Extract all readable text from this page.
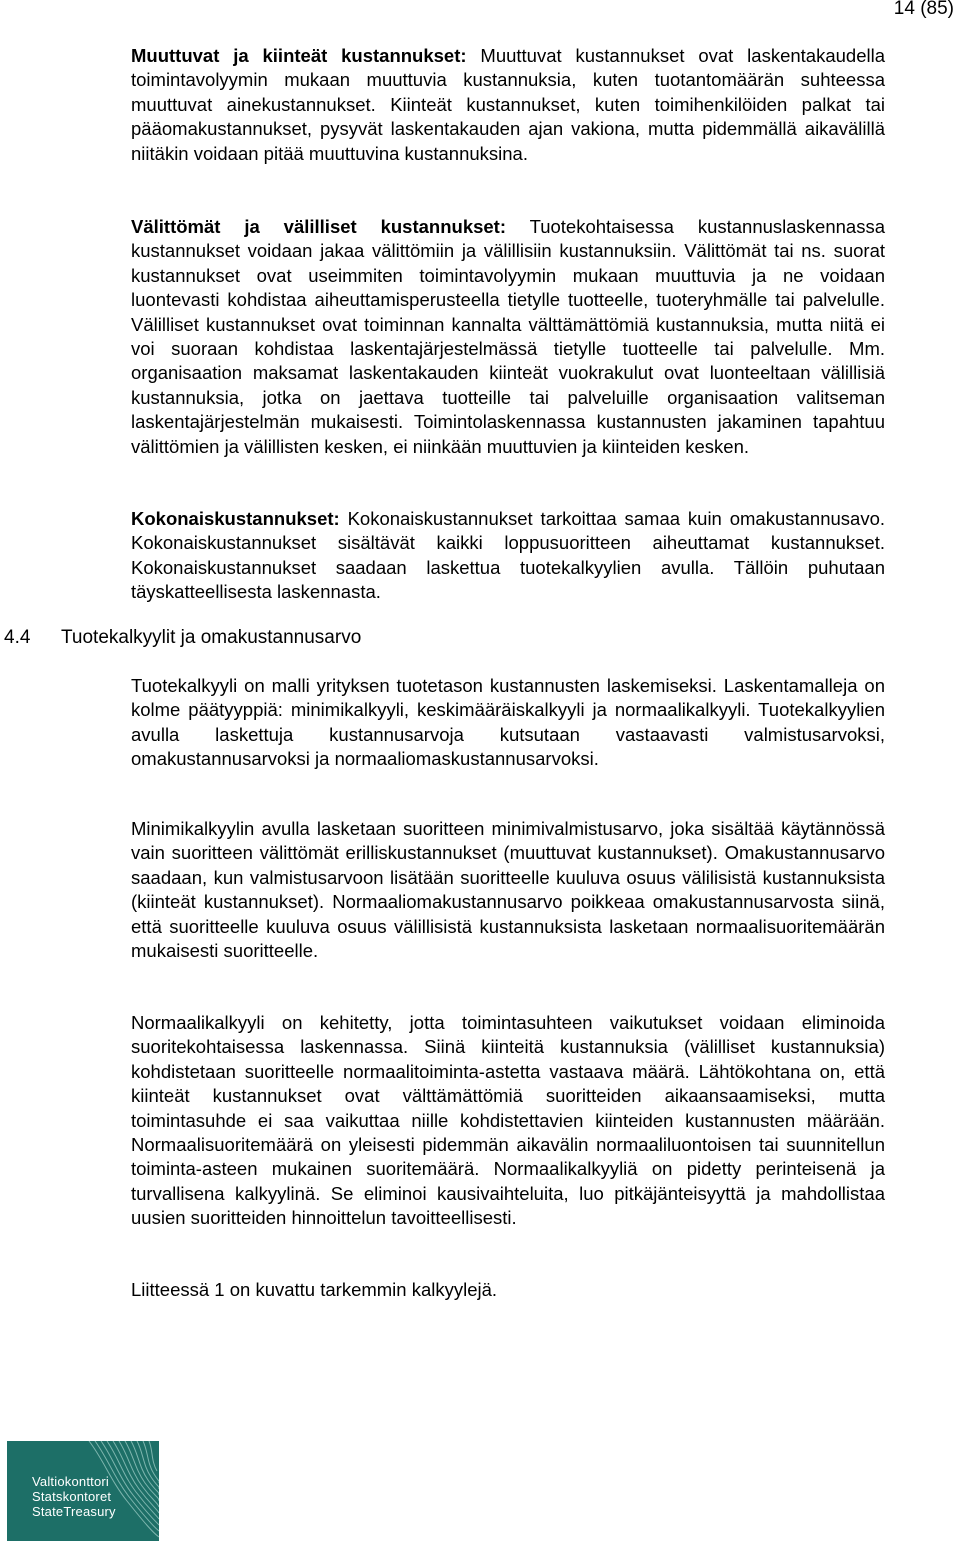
14 (85)

Muuttuvat ja kiinteät kustannukset: Muuttuvat kustannukset ovat laskentakaudella toimintavolyymin mukaan muuttuvia kustannuksia, kuten tuotantomäärän suhteessa muuttuvat ainekustannukset. Kiinteät kustannukset, kuten toimihenkilöiden palkat tai pääomakustannukset, pysyvät laskentakauden ajan vakiona, mutta pidemmällä aikavälillä niitäkin voidaan pitää muuttuvina kustannuksina.

Välittömät ja välilliset kustannukset: Tuotekohtaisessa kustannuslaskennassa kustannukset voidaan jakaa välittömiin ja välillisiin kustannuksiin. Välittömät tai ns. suorat kustannukset ovat useimmiten toimintavolyymin mukaan muuttuvia ja ne voidaan luontevasti kohdistaa aiheuttamisperusteella tietylle tuotteelle, tuoteryhmälle tai palvelulle. Välilliset kustannukset ovat toiminnan kannalta välttämättömiä kustannuksia, mutta niitä ei voi suoraan kohdistaa laskentajärjestelmässä tietylle tuotteelle tai palvelulle. Mm. organisaation maksamat laskentakauden kiinteät vuokrakulut ovat luonteeltaan välillisiä kustannuksia, jotka on jaettava tuotteille tai palveluille organisaation valitseman laskentajärjestelmän mukaisesti. Toimintolaskennassa kustannusten jakaminen tapahtuu välittömien ja välillisten kesken, ei niinkään muuttuvien ja kiinteiden kesken.

Kokonaiskustannukset: Kokonaiskustannukset tarkoittaa samaa kuin omakustannusavo. Kokonaiskustannukset sisältävät kaikki loppusuoritteen aiheuttamat kustannukset. Kokonaiskustannukset saadaan laskettua tuotekalkyylien avulla. Tällöin puhutaan täyskatteellisesta laskennasta.

4.4 Tuotekalkyylit ja omakustannusarvo

Tuotekalkyyli on malli yrityksen tuotetason kustannusten laskemiseksi. Laskentamalleja on kolme päätyyppiä: minimikalkyyli, keskimääräiskalkyyli ja normaalikalkyyli. Tuotekalkyylien avulla laskettuja kustannusarvoja kutsutaan vastaavasti valmistusarvoksi, omakustannusarvoksi ja normaaliomaskustannusarvoksi.

Minimikalkyylin avulla lasketaan suoritteen minimivalmistusarvo, joka sisältää käytännössä vain suoritteen välittömät erilliskustannukset (muuttuvat kustannukset). Omakustannusarvo saadaan, kun valmistusarvoon lisätään suoritteelle kuuluva osuus välilisistä kustannuksista (kiinteät kustannukset). Normaaliomakustannusarvo poikkeaa omakustannusarvosta siinä, että suoritteelle kuuluva osuus välillisistä kustannuksista lasketaan normaalisuoritemäärän mukaisesti suoritteelle.

Normaalikalkyyli on kehitetty, jotta toimintasuhteen vaikutukset voidaan eliminoida suoritekohtaisessa laskennassa. Siinä kiinteitä kustannuksia (välilliset kustannuksia) kohdistetaan suoritteelle normaalitoiminta-astetta vastaava määrä. Lähtökohtana on, että kiinteät kustannukset ovat välttämättömiä suoritteiden aikaansaamiseksi, mutta toimintasuhde ei saa vaikuttaa niille kohdistettavien kiinteiden kustannusten määrään. Normaalisuoritemäärä on yleisesti pidemmän aikavälin normaaliluontoisen tai suunnitellun toiminta-asteen mukainen suoritemäärä. Normaalikalkyyliä on pidetty perinteisenä ja turvallisena kalkyylinä. Se eliminoi kausivaihteluita, luo pitkäjänteisyyttä ja mahdollistaa uusien suoritteiden hinnoittelun tavoitteellisesti.

Liitteessä 1 on kuvattu tarkemmin kalkyylejä.

Valtiokonttori
Statskontoret
StateTreasury
